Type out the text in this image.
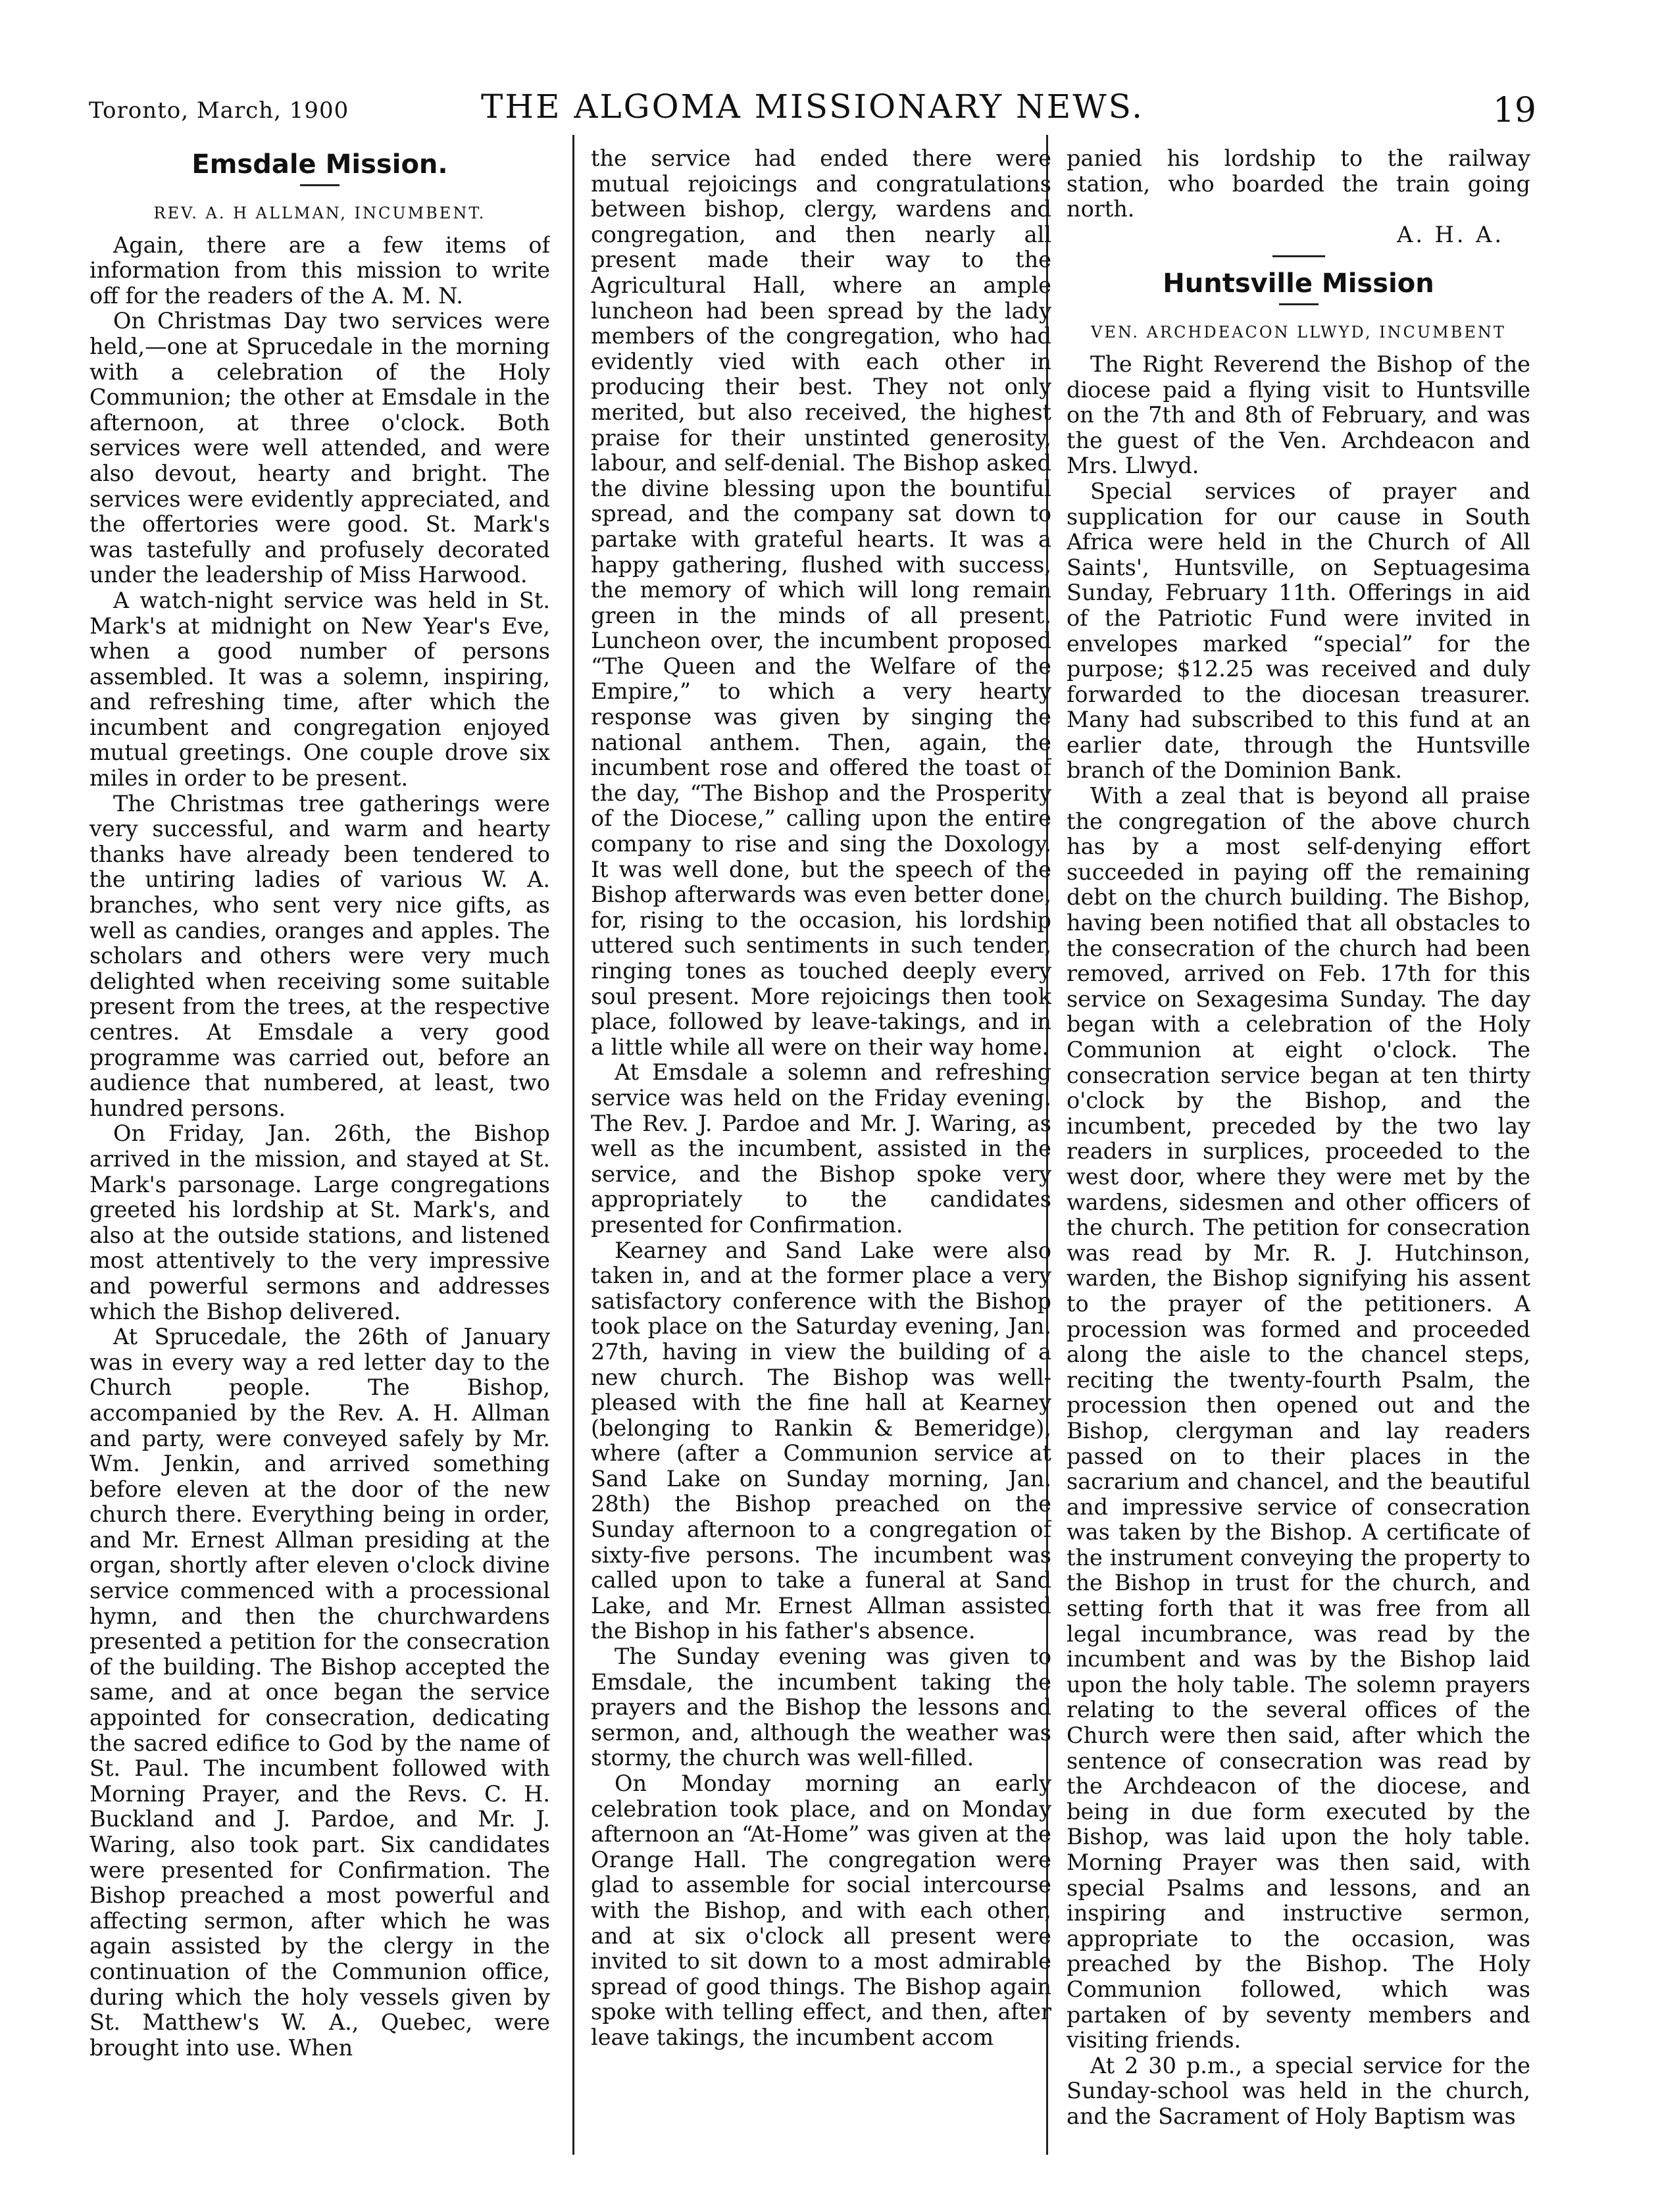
Toronto, March, 1900	THE ALGOMA MISSIONARY NEWS.	19
Emsdale Mission.
REV. A. H ALLMAN, INCUMBENT.

Again, there are a few items of information from this mission to write off for the readers of the A. M. N.

On Christmas Day two services were held,—one at Sprucedale in the morning with a celebration of the Holy Communion; the other at Emsdale in the afternoon, at three o'clock. Both services were well attended, and were also devout, hearty and bright. The services were evidently appreciated, and the offertories were good. St. Mark's was tastefully and profusely decorated under the leadership of Miss Harwood.

A watch-night service was held in St. Mark's at midnight on New Year's Eve, when a good number of persons assembled. It was a solemn, inspiring, and refreshing time, after which the incumbent and congregation enjoyed mutual greetings. One couple drove six miles in order to be present.

The Christmas tree gatherings were very successful, and warm and hearty thanks have already been tendered to the untiring ladies of various W. A. branches, who sent very nice gifts, as well as candies, oranges and apples. The scholars and others were very much delighted when receiving some suitable present from the trees, at the respective centres. At Emsdale a very good programme was carried out, before an audience that numbered, at least, two hundred persons.

On Friday, Jan. 26th, the Bishop arrived in the mission, and stayed at St. Mark's parsonage. Large congregations greeted his lordship at St. Mark's, and also at the outside stations, and listened most attentively to the very impressive and powerful sermons and addresses which the Bishop delivered.

At Sprucedale, the 26th of January was in every way a red letter day to the Church people. The Bishop, accompanied by the Rev. A. H. Allman and party, were conveyed safely by Mr. Wm. Jenkin, and arrived something before eleven at the door of the new church there. Everything being in order, and Mr. Ernest Allman presiding at the organ, shortly after eleven o'clock divine service commenced with a processional hymn, and then the churchwardens presented a petition for the consecration of the building. The Bishop accepted the same, and at once began the service appointed for consecration, dedicating the sacred edifice to God by the name of St. Paul. The incumbent followed with Morning Prayer, and the Revs. C. H. Buckland and J. Pardoe, and Mr. J. Waring, also took part. Six candidates were presented for Confirmation. The Bishop preached a most powerful and affecting sermon, after which he was again assisted by the clergy in the continuation of the Communion office, during which the holy vessels given by St. Matthew's W. A., Quebec, were brought into use. When

the service had ended there were mutual rejoicings and congratulations between bishop, clergy, wardens and congregation, and then nearly all present made their way to the Agricultural Hall, where an ample luncheon had been spread by the lady members of the congregation, who had evidently vied with each other in producing their best. They not only merited, but also received, the highest praise for their unstinted generosity, labour, and self-denial. The Bishop asked the divine blessing upon the bountiful spread, and the company sat down to partake with grateful hearts. It was a happy gathering, flushed with success, the memory of which will long remain green in the minds of all present. Luncheon over, the incumbent proposed “The Queen and the Welfare of the Empire,” to which a very hearty response was given by singing the national anthem. Then, again, the incumbent rose and offered the toast of the day, “The Bishop and the Prosperity of the Diocese,” calling upon the entire company to rise and sing the Doxology. It was well done, but the speech of the Bishop afterwards was even better done, for, rising to the occasion, his lordship uttered such sentiments in such tender, ringing tones as touched deeply every soul present. More rejoicings then took place, followed by leave-takings, and in a little while all were on their way home.

At Emsdale a solemn and refreshing service was held on the Friday evening. The Rev. J. Pardoe and Mr. J. Waring, as well as the incumbent, assisted in the service, and the Bishop spoke very appropriately to the candidates presented for Confirmation.

Kearney and Sand Lake were also taken in, and at the former place a very satisfactory conference with the Bishop took place on the Saturday evening, Jan. 27th, having in view the building of a new church. The Bishop was well-pleased with the fine hall at Kearney (belonging to Rankin & Bemeridge), where (after a Communion service at Sand Lake on Sunday morning, Jan. 28th) the Bishop preached on the Sunday afternoon to a congregation of sixty-five persons. The incumbent was called upon to take a funeral at Sand Lake, and Mr. Ernest Allman assisted the Bishop in his father's absence.

The Sunday evening was given to Emsdale, the incumbent taking the prayers and the Bishop the lessons and sermon, and, although the weather was stormy, the church was well-filled.

On Monday morning an early celebration took place, and on Monday afternoon an “At-Home” was given at the Orange Hall. The congregation were glad to assemble for social intercourse with the Bishop, and with each other, and at six o'clock all present were invited to sit down to a most admirable spread of good things. The Bishop again spoke with telling effect, and then, after leave takings, the incumbent accom

panied his lordship to the railway station, who boarded the train going north.

A. H. A.
Huntsville Mission
VEN. ARCHDEACON LLWYD, INCUMBENT

The Right Reverend the Bishop of the diocese paid a flying visit to Huntsville on the 7th and 8th of February, and was the guest of the Ven. Archdeacon and Mrs. Llwyd.

Special services of prayer and supplication for our cause in South Africa were held in the Church of All Saints', Huntsville, on Septuagesima Sunday, February 11th. Offerings in aid of the Patriotic Fund were invited in envelopes marked “special” for the purpose; $12.25 was received and duly forwarded to the diocesan treasurer. Many had subscribed to this fund at an earlier date, through the Huntsville branch of the Dominion Bank.

With a zeal that is beyond all praise the congregation of the above church has by a most self-denying effort succeeded in paying off the remaining debt on the church building. The Bishop, having been notified that all obstacles to the consecration of the church had been removed, arrived on Feb. 17th for this service on Sexagesima Sunday. The day began with a celebration of the Holy Communion at eight o'clock. The consecration service began at ten thirty o'clock by the Bishop, and the incumbent, preceded by the two lay readers in surplices, proceeded to the west door, where they were met by the wardens, sidesmen and other officers of the church. The petition for consecration was read by Mr. R. J. Hutchinson, warden, the Bishop signifying his assent to the prayer of the petitioners. A procession was formed and proceeded along the aisle to the chancel steps, reciting the twenty-fourth Psalm, the procession then opened out and the Bishop, clergyman and lay readers passed on to their places in the sacrarium and chancel, and the beautiful and impressive service of consecration was taken by the Bishop. A certificate of the instrument conveying the property to the Bishop in trust for the church, and setting forth that it was free from all legal incumbrance, was read by the incumbent and was by the Bishop laid upon the holy table. The solemn prayers relating to the several offices of the Church were then said, after which the sentence of consecration was read by the Archdeacon of the diocese, and being in due form executed by the Bishop, was laid upon the holy table. Morning Prayer was then said, with special Psalms and lessons, and an inspiring and instructive sermon, appropriate to the occasion, was preached by the Bishop. The Holy Communion followed, which was partaken of by seventy members and visiting friends.

At 2 30 p.m., a special service for the Sunday-school was held in the church, and the Sacrament of Holy Baptism was
